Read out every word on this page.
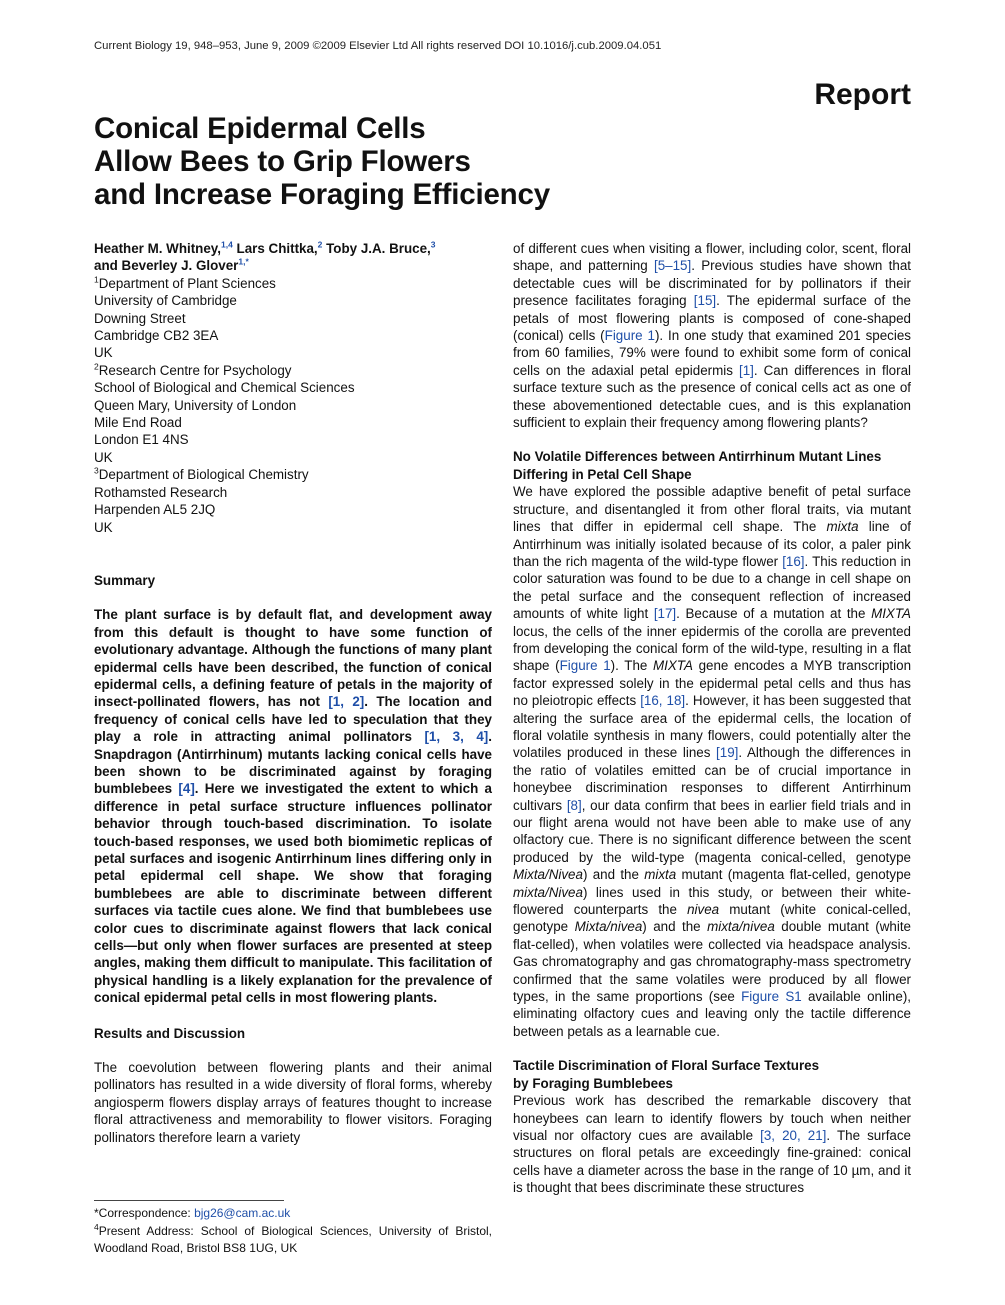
Current Biology 19, 948–953, June 9, 2009 ©2009 Elsevier Ltd All rights reserved DOI 10.1016/j.cub.2009.04.051
Report
Conical Epidermal Cells
Allow Bees to Grip Flowers
and Increase Foraging Efficiency
Heather M. Whitney,$^{1,4}$ Lars Chittka,$^2$ Toby J.A. Bruce,$^3$
and Beverley J. Glover$^{1,*}$
$^1$Department of Plant Sciences
University of Cambridge
Downing Street
Cambridge CB2 3EA
UK
$^2$Research Centre for Psychology
School of Biological and Chemical Sciences
Queen Mary, University of London
Mile End Road
London E1 4NS
UK
$^3$Department of Biological Chemistry
Rothamsted Research
Harpenden AL5 2JQ
UK

Summary

The plant surface is by default flat, and development away from this default is thought to have some function of evolutionary advantage. Although the functions of many plant epidermal cells have been described, the function of conical epidermal cells, a defining feature of petals in the majority of insect-pollinated flowers, has not [1, 2]. The location and frequency of conical cells have led to speculation that they play a role in attracting animal pollinators [1, 3, 4]. Snapdragon (Antirrhinum) mutants lacking conical cells have been shown to be discriminated against by foraging bumblebees [4]. Here we investigated the extent to which a difference in petal surface structure influences pollinator behavior through touch-based discrimination. To isolate touch-based responses, we used both biomimetic replicas of petal surfaces and isogenic Antirrhinum lines differing only in petal epidermal cell shape. We show that foraging bumblebees are able to discriminate between different surfaces via tactile cues alone. We find that bumblebees use color cues to discriminate against flowers that lack conical cells—but only when flower surfaces are presented at steep angles, making them difficult to manipulate. This facilitation of physical handling is a likely explanation for the prevalence of conical epidermal petal cells in most flowering plants.

Results and Discussion

The coevolution between flowering plants and their animal pollinators has resulted in a wide diversity of floral forms, whereby angiosperm flowers display arrays of features thought to increase floral attractiveness and memorability to flower visitors. Foraging pollinators therefore learn a variety

*Correspondence: bjg26@cam.ac.uk
$^4$Present Address: School of Biological Sciences, University of Bristol, Woodland Road, Bristol BS8 1UG, UK

of different cues when visiting a flower, including color, scent, floral shape, and patterning [5–15]. Previous studies have shown that detectable cues will be discriminated for by pollinators if their presence facilitates foraging [15]. The epidermal surface of the petals of most flowering plants is composed of cone-shaped (conical) cells (Figure 1). In one study that examined 201 species from 60 families, 79% were found to exhibit some form of conical cells on the adaxial petal epidermis [1]. Can differences in floral surface texture such as the presence of conical cells act as one of these abovementioned detectable cues, and is this explanation sufficient to explain their frequency among flowering plants?

No Volatile Differences between Antirrhinum Mutant Lines
Differing in Petal Cell Shape

We have explored the possible adaptive benefit of petal surface structure, and disentangled it from other floral traits, via mutant lines that differ in epidermal cell shape. The mixta line of Antirrhinum was initially isolated because of its color, a paler pink than the rich magenta of the wild-type flower [16]. This reduction in color saturation was found to be due to a change in cell shape on the petal surface and the consequent reflection of increased amounts of white light [17]. Because of a mutation at the MIXTA locus, the cells of the inner epidermis of the corolla are prevented from developing the conical form of the wild-type, resulting in a flat shape (Figure 1). The MIXTA gene encodes a MYB transcription factor expressed solely in the epidermal petal cells and thus has no pleiotropic effects [16, 18]. However, it has been suggested that altering the surface area of the epidermal cells, the location of floral volatile synthesis in many flowers, could potentially alter the volatiles produced in these lines [19]. Although the differences in the ratio of volatiles emitted can be of crucial importance in honeybee discrimination responses to different Antirrhinum cultivars [8], our data confirm that bees in earlier field trials and in our flight arena would not have been able to make use of any olfactory cue. There is no significant difference between the scent produced by the wild-type (magenta conical-celled, genotype Mixta/Nivea) and the mixta mutant (magenta flat-celled, genotype mixta/Nivea) lines used in this study, or between their white-flowered counterparts the nivea mutant (white conical-celled, genotype Mixta/nivea) and the mixta/nivea double mutant (white flat-celled), when volatiles were collected via headspace analysis. Gas chromatography and gas chromatography-mass spectrometry confirmed that the same volatiles were produced by all flower types, in the same proportions (see Figure S1 available online), eliminating olfactory cues and leaving only the tactile difference between petals as a learnable cue.

Tactile Discrimination of Floral Surface Textures
by Foraging Bumblebees

Previous work has described the remarkable discovery that honeybees can learn to identify flowers by touch when neither visual nor olfactory cues are available [3, 20, 21]. The surface structures on floral petals are exceedingly fine-grained: conical cells have a diameter across the base in the range of 10 µm, and it is thought that bees discriminate these structures
